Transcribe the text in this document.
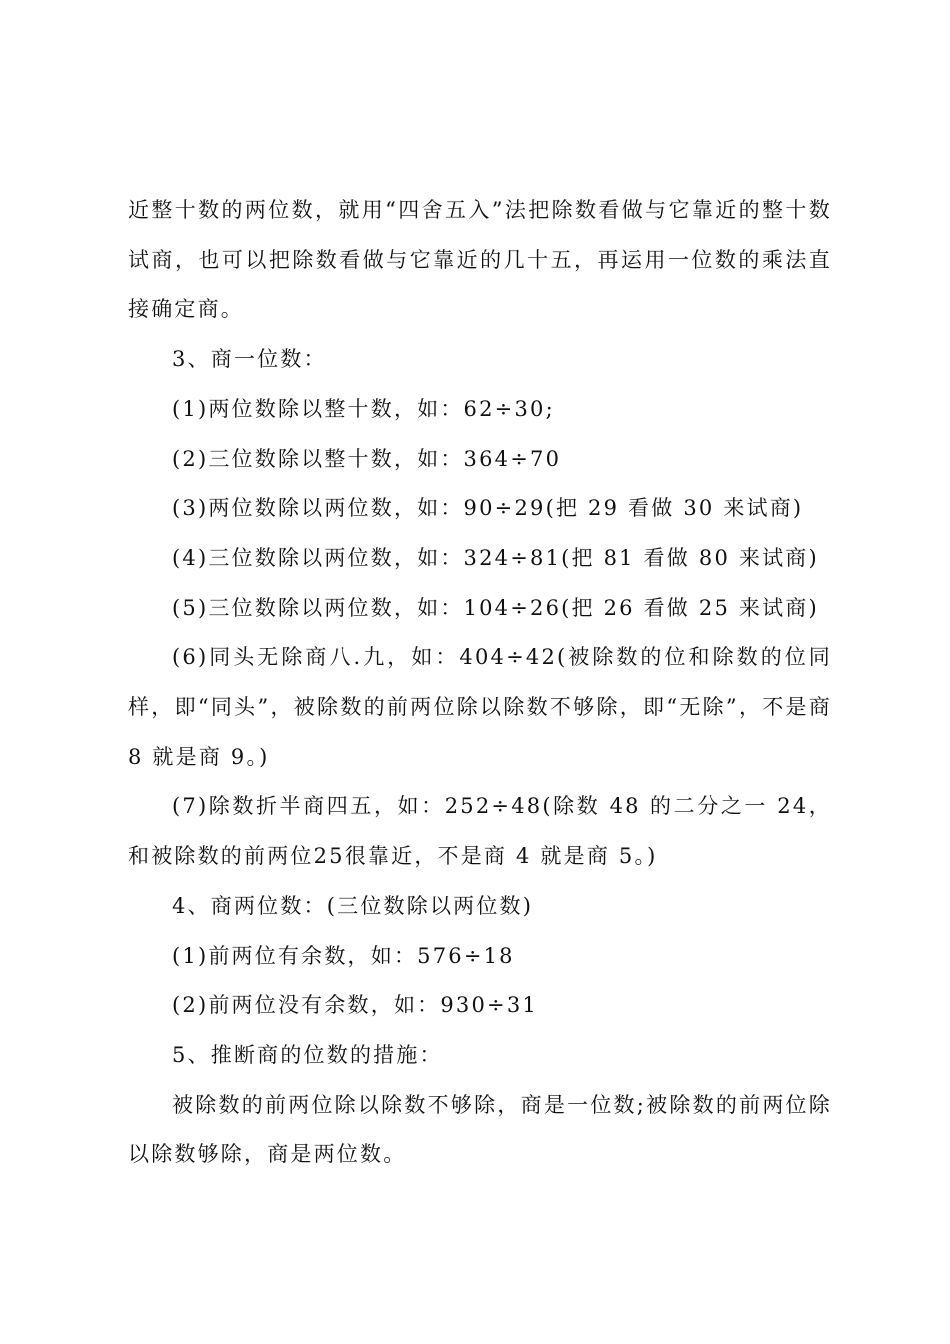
近整十数的两位数，就用“四舍五入”法把除数看做与它靠近的整十数试商，也可以把除数看做与它靠近的几十五，再运用一位数的乘法直接确定商。

3、商一位数：

(1)两位数除以整十数，如：62÷30;

(2)三位数除以整十数，如：364÷70

(3)两位数除以两位数，如：90÷29(把 29 看做 30 来试商)

(4)三位数除以两位数，如：324÷81(把 81 看做 80 来试商)

(5)三位数除以两位数，如：104÷26(把 26 看做 25 来试商)

(6)同头无除商八.九，如：404÷42(被除数的位和除数的位同样，即“同头”，被除数的前两位除以除数不够除，即“无除”，不是商 8 就是商 9。)

(7)除数折半商四五，如：252÷48(除数 48 的二分之一 24，和被除数的前两位25很靠近，不是商 4 就是商 5。)

4、商两位数：(三位数除以两位数)

(1)前两位有余数，如：576÷18

(2)前两位没有余数，如：930÷31

5、推断商的位数的措施：

被除数的前两位除以除数不够除，商是一位数;被除数的前两位除以除数够除，商是两位数。
